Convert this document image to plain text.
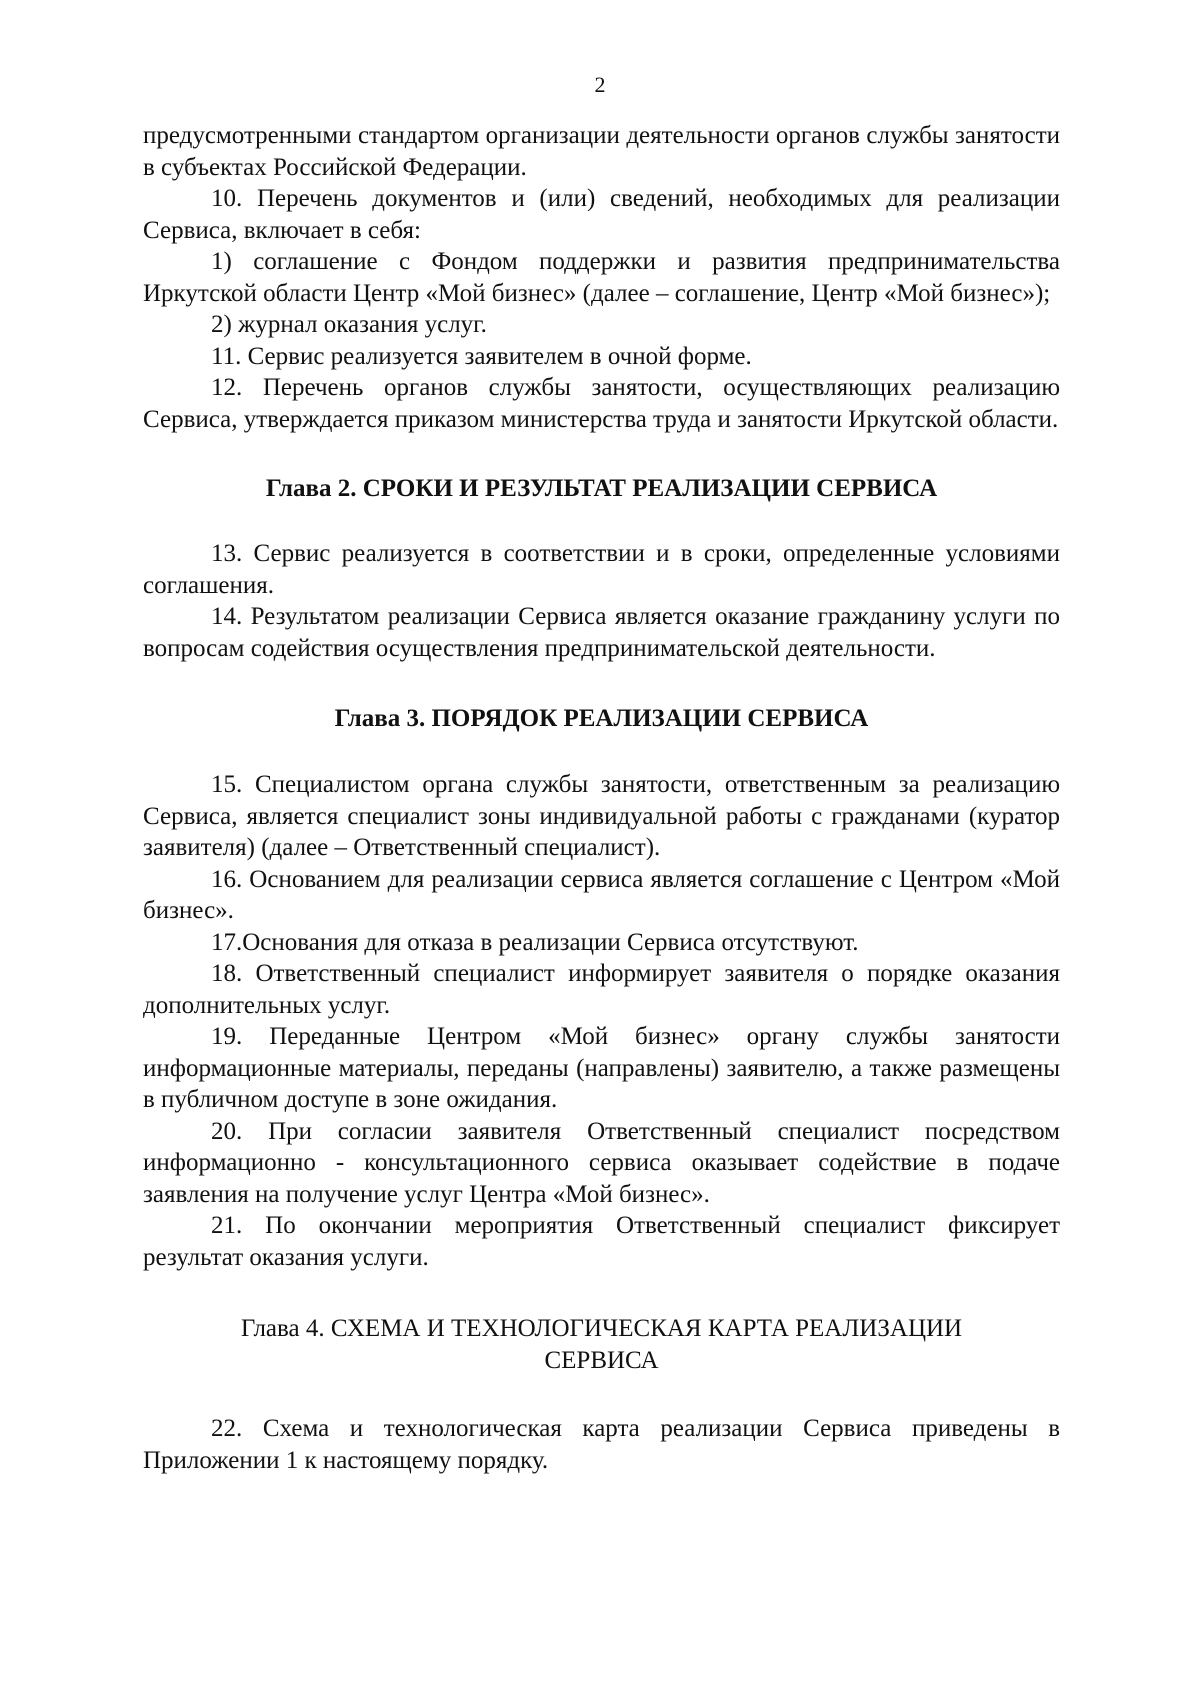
2

предусмотренными стандартом организации деятельности органов службы занятости в субъектах Российской Федерации.

10. Перечень документов и (или) сведений, необходимых для реализации Сервиса, включает в себя:

1) соглашение с Фондом поддержки и развития предпринимательства Иркутской области Центр «Мой бизнес» (далее – соглашение, Центр «Мой бизнес»);

2) журнал оказания услуг.

11. Сервис реализуется заявителем в очной форме.

12. Перечень органов службы занятости, осуществляющих реализацию Сервиса, утверждается приказом министерства труда и занятости Иркутской области.

Глава 2. СРОКИ И РЕЗУЛЬТАТ РЕАЛИЗАЦИИ СЕРВИСА

13. Сервис реализуется в соответствии и в сроки, определенные условиями соглашения.

14. Результатом реализации Сервиса является оказание гражданину услуги по вопросам содействия осуществления предпринимательской деятельности.

Глава 3. ПОРЯДОК РЕАЛИЗАЦИИ СЕРВИСА

15. Специалистом органа службы занятости, ответственным за реализацию Сервиса, является специалист зоны индивидуальной работы с гражданами (куратор заявителя) (далее – Ответственный специалист).

16. Основанием для реализации сервиса является соглашение с Центром «Мой бизнес».

17.Основания для отказа в реализации Сервиса отсутствуют.

18. Ответственный специалист информирует заявителя о порядке оказания дополнительных услуг.

19. Переданные Центром «Мой бизнес» органу службы занятости информационные материалы, переданы (направлены) заявителю, а также размещены в публичном доступе в зоне ожидания.

20. При согласии заявителя Ответственный специалист посредством информационно - консультационного сервиса оказывает содействие в подаче заявления на получение услуг Центра «Мой бизнес».

21. По окончании мероприятия Ответственный специалист фиксирует результат оказания услуги.

Глава 4. СХЕМА И ТЕХНОЛОГИЧЕСКАЯ КАРТА РЕАЛИЗАЦИИ
СЕРВИСА

22. Схема и технологическая карта реализации Сервиса приведены в Приложении 1 к настоящему порядку.
